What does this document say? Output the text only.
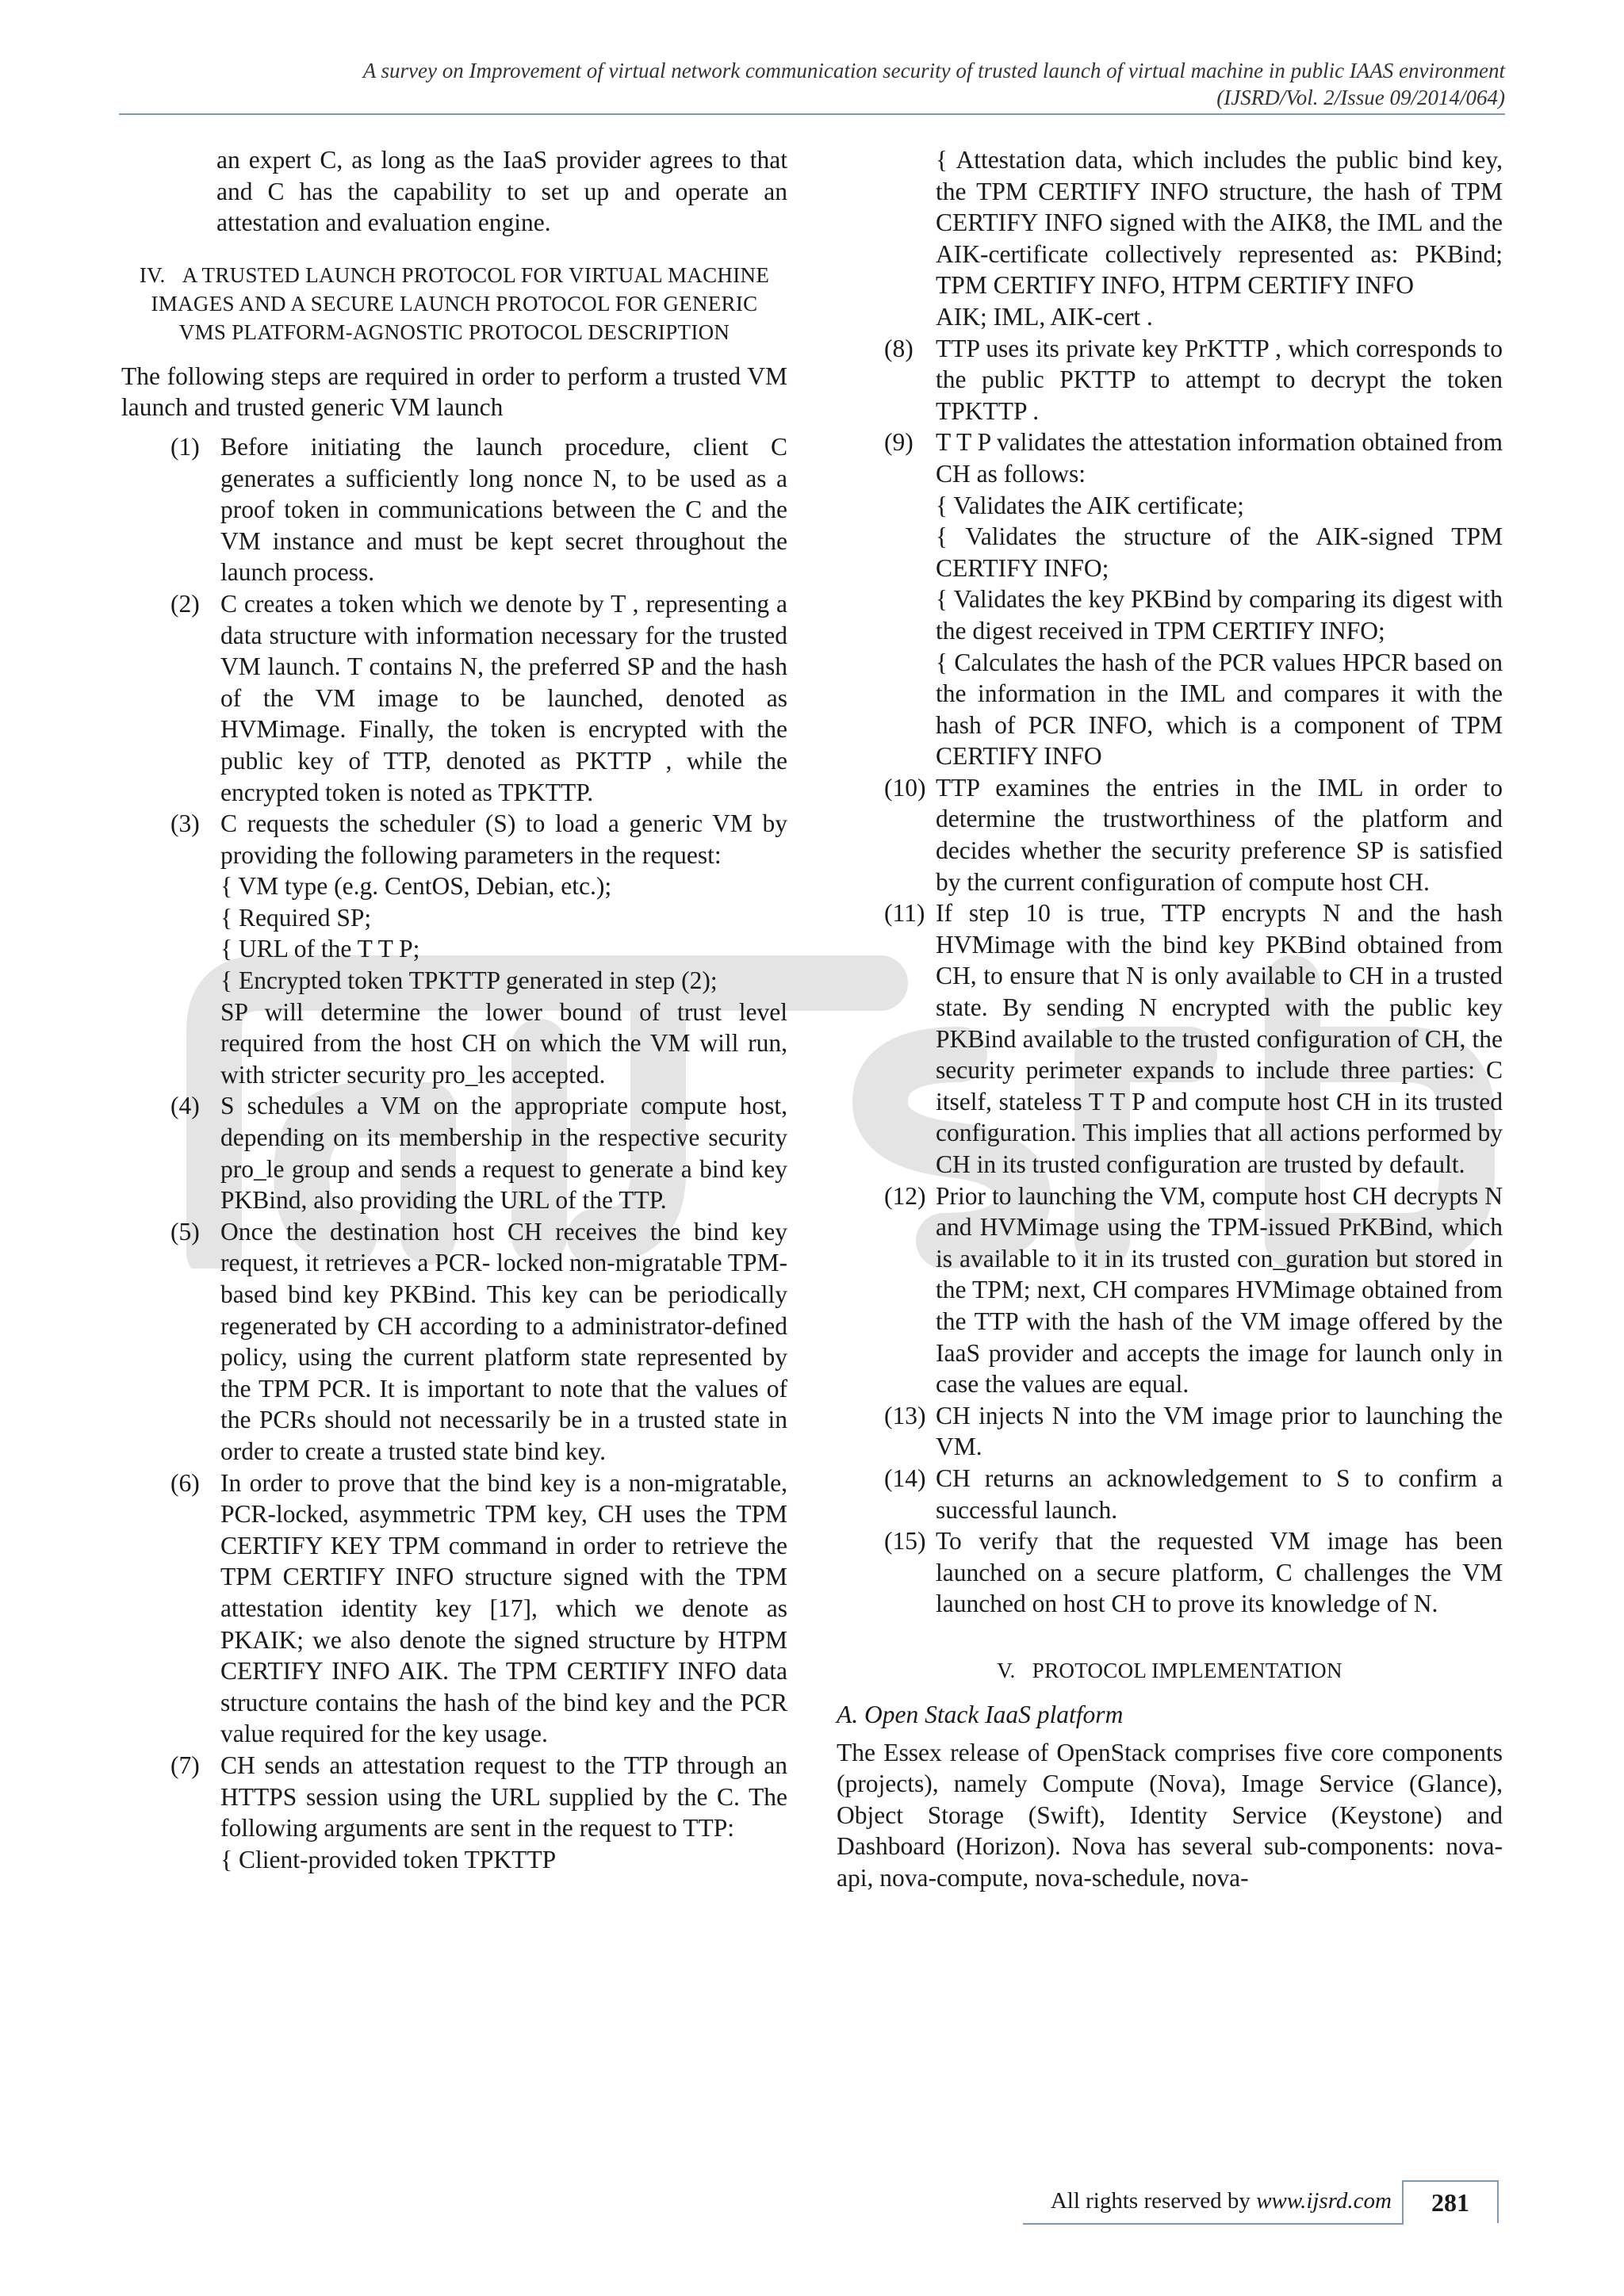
A survey on Improvement of virtual network communication security of trusted launch of virtual machine in public IAAS environment
(IJSRD/Vol. 2/Issue 09/2014/064)

an expert C, as long as the IaaS provider agrees to that and C has the capability to set up and operate an attestation and evaluation engine.

IV. A TRUSTED LAUNCH PROTOCOL FOR VIRTUAL MACHINE
IMAGES AND A SECURE LAUNCH PROTOCOL FOR GENERIC
VMS PLATFORM-AGNOSTIC PROTOCOL DESCRIPTION

The following steps are required in order to perform a trusted VM launch and trusted generic VM launch

(1) Before initiating the launch procedure, client C generates a sufficiently long nonce N, to be used as a proof token in communications between the C and the VM instance and must be kept secret throughout the launch process.
(2) C creates a token which we denote by T , representing a data structure with information necessary for the trusted VM launch. T contains N, the preferred SP and the hash of the VM image to be launched, denoted as HVMimage. Finally, the token is encrypted with the public key of TTP, denoted as PKTTP , while the encrypted token is noted as TPKTTP.
(3) C requests the scheduler (S) to load a generic VM by providing the following parameters in the request:
{ VM type (e.g. CentOS, Debian, etc.);
{ Required SP;
{ URL of the T T P;
{ Encrypted token TPKTTP generated in step (2);
SP will determine the lower bound of trust level required from the host CH on which the VM will run, with stricter security pro_les accepted.
(4) S schedules a VM on the appropriate compute host, depending on its membership in the respective security pro_le group and sends a request to generate a bind key PKBind, also providing the URL of the TTP.
(5) Once the destination host CH receives the bind key request, it retrieves a PCR- locked non-migratable TPM-based bind key PKBind. This key can be periodically regenerated by CH according to a administrator-defined policy, using the current platform state represented by the TPM PCR. It is important to note that the values of the PCRs should not necessarily be in a trusted state in order to create a trusted state bind key.
(6) In order to prove that the bind key is a non-migratable, PCR-locked, asymmetric TPM key, CH uses the TPM CERTIFY KEY TPM command in order to retrieve the TPM CERTIFY INFO structure signed with the TPM attestation identity key [17], which we denote as PKAIK; we also denote the signed structure by HTPM CERTIFY INFO AIK. The TPM CERTIFY INFO data structure contains the hash of the bind key and the PCR value required for the key usage.
(7) CH sends an attestation request to the TTP through an HTTPS session using the URL supplied by the C. The following arguments are sent in the request to TTP:
{ Client-provided token TPKTTP

{ Attestation data, which includes the public bind key, the TPM CERTIFY INFO structure, the hash of TPM CERTIFY INFO signed with the AIK8, the IML and the AIK-certificate collectively represented as: PKBind; TPM CERTIFY INFO, HTPM CERTIFY INFO

AIK; IML, AIK-cert .

(8) TTP uses its private key PrKTTP , which corresponds to the public PKTTP to attempt to decrypt the token TPKTTP .
(9) T T P validates the attestation information obtained from CH as follows:
{ Validates the AIK certificate;
{ Validates the structure of the AIK-signed TPM CERTIFY INFO;
{ Validates the key PKBind by comparing its digest with the digest received in TPM CERTIFY INFO;
{ Calculates the hash of the PCR values HPCR based on the information in the IML and compares it with the hash of PCR INFO, which is a component of TPM CERTIFY INFO
(10) TTP examines the entries in the IML in order to determine the trustworthiness of the platform and decides whether the security preference SP is satisfied by the current configuration of compute host CH.
(11) If step 10 is true, TTP encrypts N and the hash HVMimage with the bind key PKBind obtained from CH, to ensure that N is only available to CH in a trusted state. By sending N encrypted with the public key PKBind available to the trusted configuration of CH, the security perimeter expands to include three parties: C itself, stateless T T P and compute host CH in its trusted configuration. This implies that all actions performed by CH in its trusted configuration are trusted by default.
(12) Prior to launching the VM, compute host CH decrypts N and HVMimage using the TPM-issued PrKBind, which is available to it in its trusted con_guration but stored in the TPM; next, CH compares HVMimage obtained from the TTP with the hash of the VM image offered by the IaaS provider and accepts the image for launch only in case the values are equal.
(13) CH injects N into the VM image prior to launching the VM.
(14) CH returns an acknowledgement to S to confirm a successful launch.
(15) To verify that the requested VM image has been launched on a secure platform, C challenges the VM launched on host CH to prove its knowledge of N.
V. PROTOCOL IMPLEMENTATION

A. Open Stack IaaS platform

The Essex release of OpenStack comprises five core components (projects), namely Compute (Nova), Image Service (Glance), Object Storage (Swift), Identity Service (Keystone) and Dashboard (Horizon). Nova has several sub-components: nova-api, nova-compute, nova-schedule, nova-

All rights reserved by www.ijsrd.com	281
